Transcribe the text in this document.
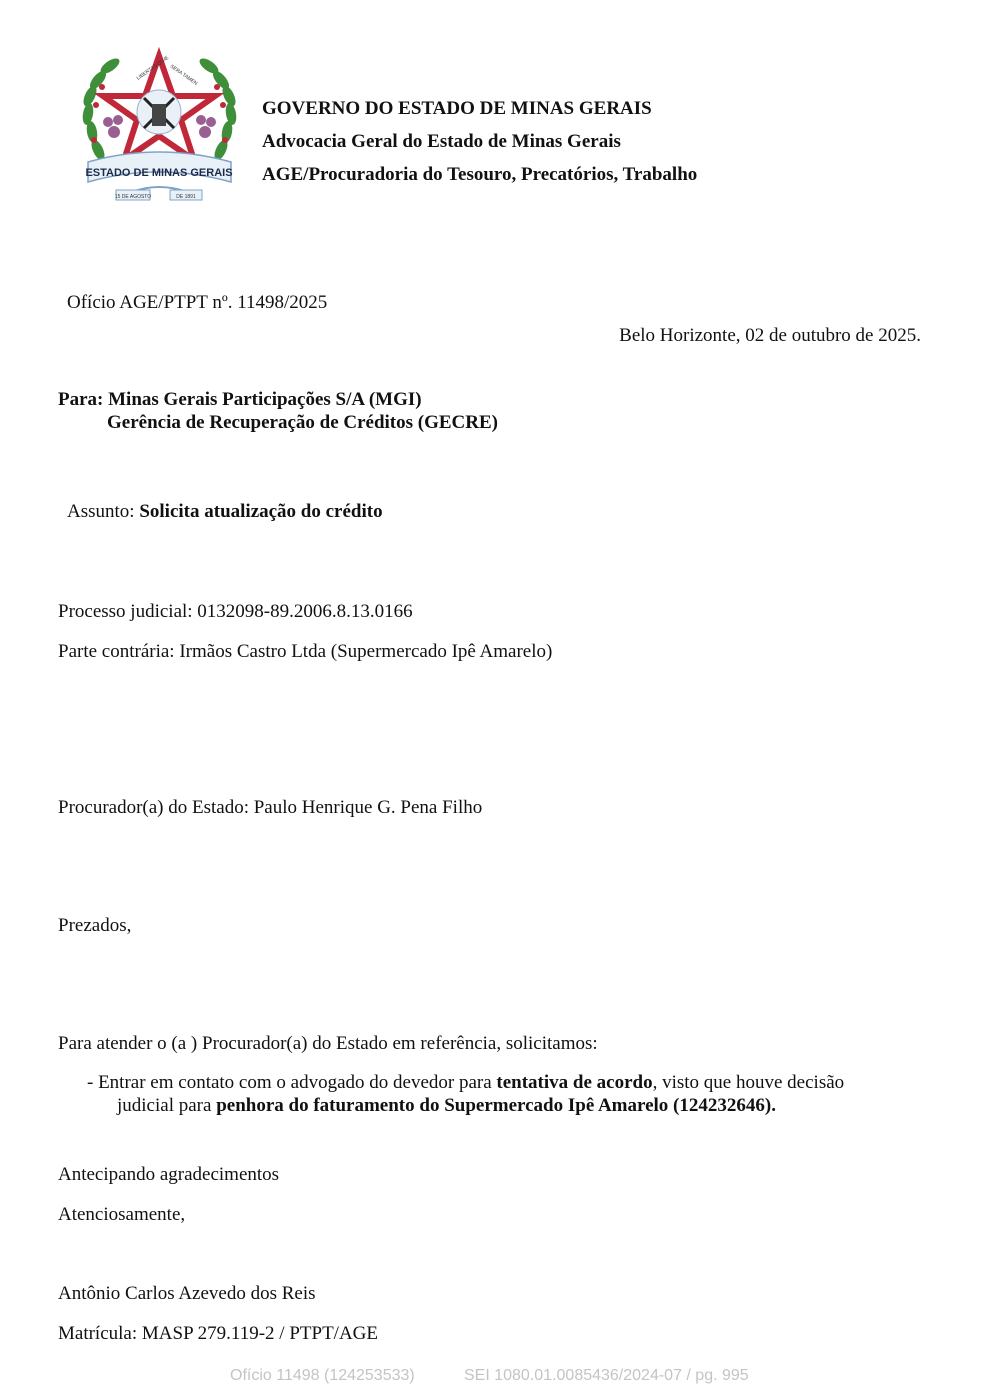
ESTADO DE MINAS GERAIS
LIBERTAS QUÆ
SERA TAMEN
15 DE AGOSTO	DE 1891
GOVERNO DO ESTADO DE MINAS GERAIS
Advocacia Geral do Estado de Minas Gerais
AGE/Procuradoria do Tesouro, Precatórios, Trabalho
Ofício AGE/PTPT nº. 11498/2025
Belo Horizonte, 02 de outubro de 2025.
Para: Minas Gerais Participações S/A (MGI)
Gerência de Recuperação de Créditos (GECRE)
Assunto: Solicita atualização do crédito
Processo judicial: 0132098-89.2006.8.13.0166
Parte contrária: Irmãos Castro Ltda (Supermercado Ipê Amarelo)
Procurador(a) do Estado: Paulo Henrique G. Pena Filho
Prezados,
Para atender o (a ) Procurador(a) do Estado em referência, solicitamos:
- Entrar em contato com o advogado do devedor para tentativa de acordo, visto que houve decisão
judicial para penhora do faturamento do Supermercado Ipê Amarelo (124232646).
Antecipando agradecimentos
Atenciosamente,
Antônio Carlos Azevedo dos Reis
Matrícula: MASP 279.119-2 / PTPT/AGE
Ofício 11498 (124253533)	SEI 1080.01.0085436/2024-07 / pg. 995
